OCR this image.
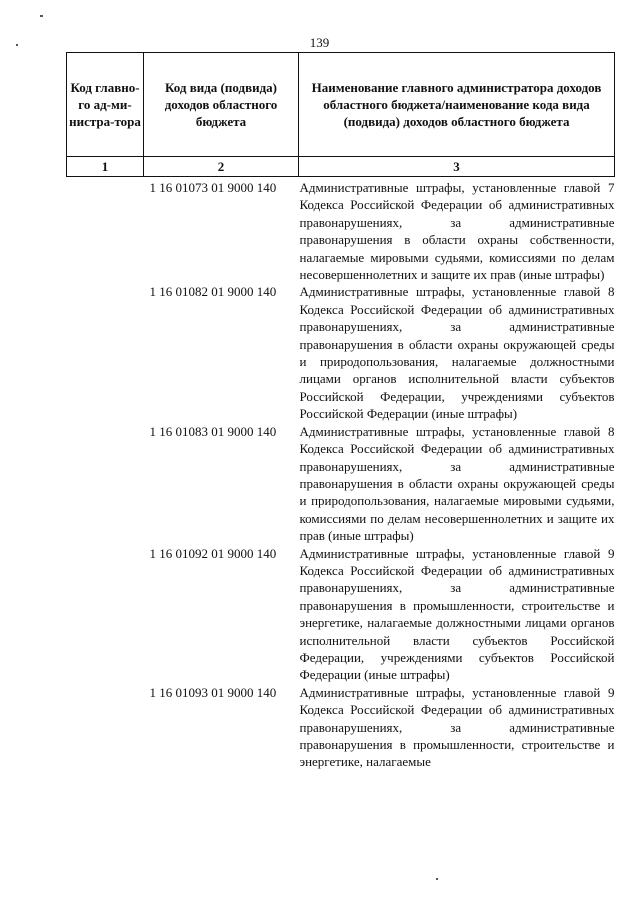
139
Код главно-го ад-ми-нистра-тора	Код вида (подвида) доходов областного бюджета	Наименование главного администратора доходов областного бюджета/наименование кода вида (подвида) доходов областного бюджета
1	2	3
	1 16 01073 01 9000 140	Административные штрафы, установленные главой 7 Кодекса Российской Федерации об административных правонарушениях, за административные правонарушения в области охраны собственности, налагаемые мировыми судьями, комиссиями по делам несовершеннолетних и защите их прав (иные штрафы)
	1 16 01082 01 9000 140	Административные штрафы, установленные главой 8 Кодекса Российской Федерации об административных правонарушениях, за административные правонарушения в области охраны окружающей среды и природопользования, налагаемые должностными лицами органов исполнительной власти субъектов Российской Федерации, учреждениями субъектов Российской Федерации (иные штрафы)
	1 16 01083 01 9000 140	Административные штрафы, установленные главой 8 Кодекса Российской Федерации об административных правонарушениях, за административные правонарушения в области охраны окружающей среды и природопользования, налагаемые мировыми судьями, комиссиями по делам несовершеннолетних и защите их прав (иные штрафы)
	1 16 01092 01 9000 140	Административные штрафы, установленные главой 9 Кодекса Российской Федерации об административных правонарушениях, за административные правонарушения в промышленности, строительстве и энергетике, налагаемые должностными лицами органов исполнительной власти субъектов Российской Федерации, учреждениями субъектов Российской Федерации (иные штрафы)
	1 16 01093 01 9000 140	Административные штрафы, установленные главой 9 Кодекса Российской Федерации об административных правонарушениях, за административные правонарушения в промышленности, строительстве и энергетике, налагаемые
